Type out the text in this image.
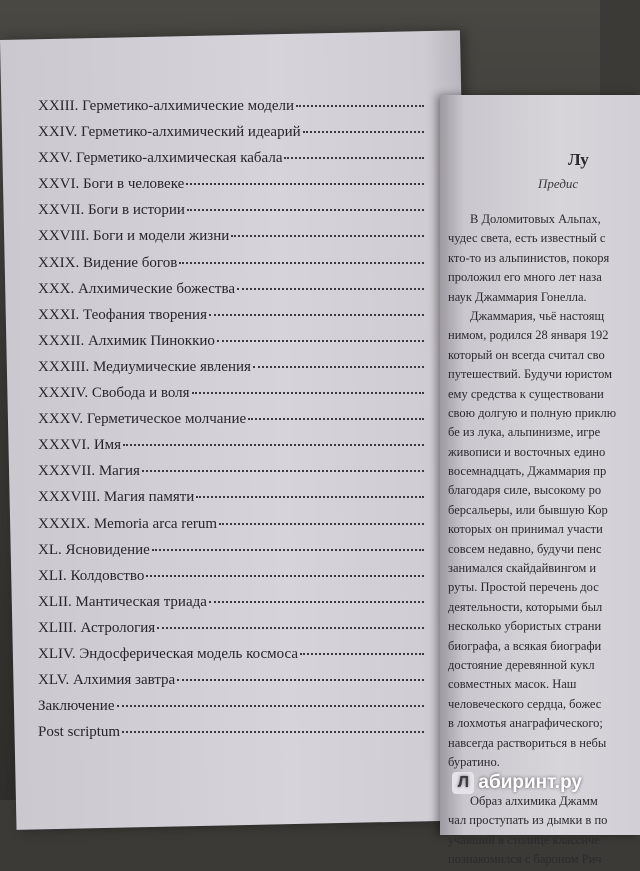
XXIII. Герметико-алхимические модели
XXIV. Герметико-алхимический идеарий
XXV. Герметико-алхимическая кабала
XXVI. Боги в человеке
XXVII. Боги в истории
XXVIII. Боги и модели жизни
XXIX. Видение богов
XXX. Алхимические божества
XXXI. Теофания творения
XXXII. Алхимик Пиноккио
XXXIII. Медиумические явления
XXXIV. Свобода и воля
XXXV. Герметическое молчание
XXXVI. Имя
XXXVII. Магия
XXXVIII. Магия памяти
XXXIX. Memoria arca rerum
XL. Ясновидение
XLI. Колдовство
XLII. Мантическая триада
XLIII. Астрология
XLIV. Эндосферическая модель космоса
XLV. Алхимия завтра
Заключение
Post scriptum
Лу
Предиc
В Доломитовых Альпах,
чудес света, есть известный с
кто-то из альпинистов, покоря
проложил его много лет наза
наук Джаммария Гонелла.
Джаммария, чьё настоящ
нимом, родился 28 января 192
который он всегда считал сво
путешествий. Будучи юристом
ему средства к существовани
свою долгую и полную приклю
бе из лука, альпинизме, игре
живописи и восточных едино
восемнадцать, Джаммария пр
благодаря силе, высокому ро
берсальеры, или бывшую Кор
которых он принимал участи
совсем недавно, будучи пенс
занимался скайдайвингом и
руты. Простой перечень дос
деятельности, которыми был
несколько убористых страни
биографа, а всякая биографи
достояние деревянной кукл
совместных масок. Наш
человеческого сердца, божес
в лохмотья анаграфического;
навсегда раствориться в небы
буратино.
Образ алхимика Джамм
чал проступать из дымки в по
учавший в столице классиче
познакомился с бароном Рич
Л абиринт.ру
